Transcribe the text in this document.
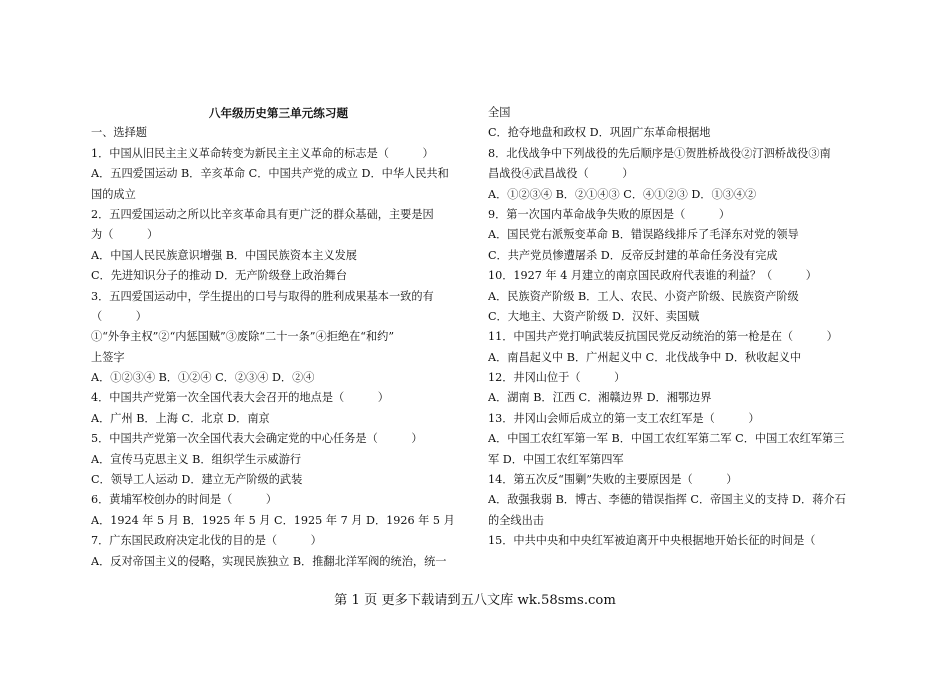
八年级历史第三单元练习题
一、选择题
1．中国从旧民主主义革命转变为新民主主义革命的标志是（　　　）
A．五四爱国运动 B．辛亥革命 C．中国共产党的成立 D．中华人民共和
国的成立
2．五四爱国运动之所以比辛亥革命具有更广泛的群众基础，主要是因
为（　　　）
A．中国人民民族意识增强 B．中国民族资本主义发展
C．先进知识分子的推动 D．无产阶级登上政治舞台
3．五四爱国运动中，学生提出的口号与取得的胜利成果基本一致的有
（　　　）
①“外争主权”②“内惩国贼”③废除“二十一条”④拒绝在“和约”
上签字
A．①②③④ B．①②④ C．②③④ D．②④
4．中国共产党第一次全国代表大会召开的地点是（　　　）
A．广州 B．上海 C．北京 D．南京
5．中国共产党第一次全国代表大会确定党的中心任务是（　　　）
A．宣传马克思主义 B．组织学生示威游行
C．领导工人运动 D．建立无产阶级的武装
6．黄埔军校创办的时间是（　　　）
A．1924 年 5 月 B．1925 年 5 月 C．1925 年 7 月 D．1926 年 5 月
7．广东国民政府决定北伐的目的是（　　　）
A．反对帝国主义的侵略，实现民族独立 B．推翻北洋军阀的统治，统一
全国
C．抢夺地盘和政权 D．巩固广东革命根据地
8．北伐战争中下列战役的先后顺序是①贺胜桥战役②汀泗桥战役③南
昌战役④武昌战役（　　　）
A．①②③④ B．②①④③ C．④①②③ D．①③④②
9．第一次国内革命战争失败的原因是（　　　）
A．国民党右派叛变革命 B．错误路线排斥了毛泽东对党的领导
C．共产党员惨遭屠杀 D．反帝反封建的革命任务没有完成
10．1927 年 4 月建立的南京国民政府代表谁的利益？（　　　）
A．民族资产阶级 B．工人、农民、小资产阶级、民族资产阶级
C．大地主、大资产阶级 D．汉奸、卖国贼
11．中国共产党打响武装反抗国民党反动统治的第一枪是在（　　　）
A．南昌起义中 B．广州起义中 C．北伐战争中 D．秋收起义中
12．井冈山位于（　　　）
A．湖南 B．江西 C．湘赣边界 D．湘鄂边界
13．井冈山会师后成立的第一支工农红军是（　　　）
A．中国工农红军第一军 B．中国工农红军第二军 C．中国工农红军第三
军 D．中国工农红军第四军
14．第五次反“围剿”失败的主要原因是（　　　）
A．敌强我弱 B．博古、李德的错误指挥 C．帝国主义的支持 D．蒋介石
的全线出击
15．中共中央和中央红军被迫离开中央根据地开始长征的时间是（
第 1 页 更多下载请到五八文库 wk.58sms.com
